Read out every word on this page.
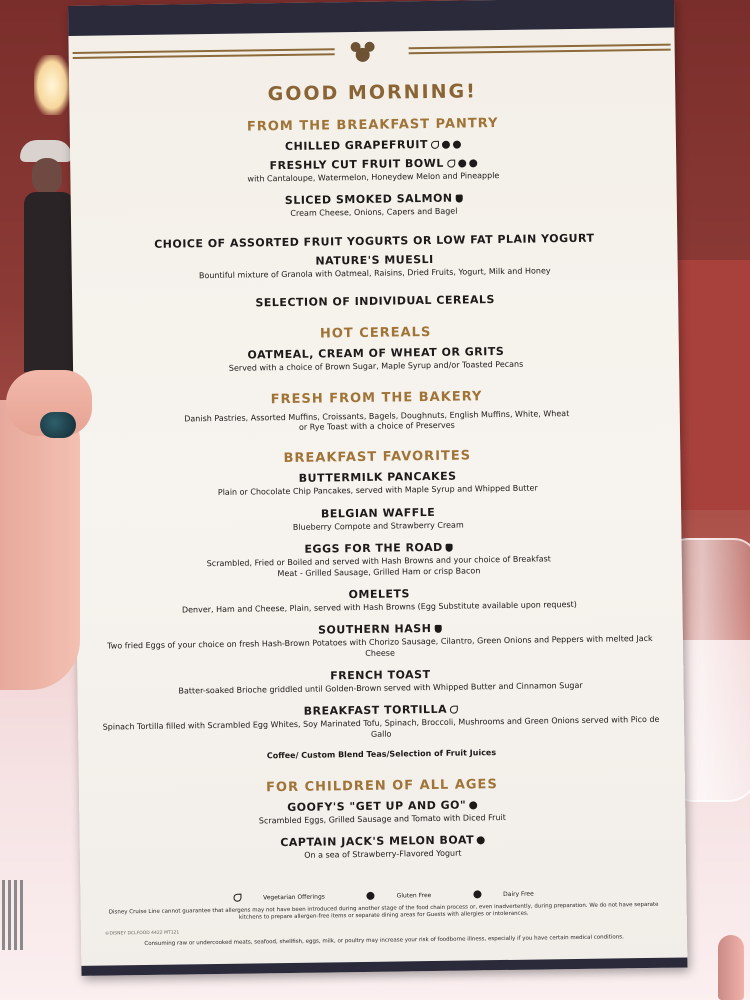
GOOD MORNING!
FROM THE BREAKFAST PANTRY

CHILLED GRAPEFRUIT

FRESHLY CUT FRUIT BOWL

with Cantaloupe, Watermelon, Honeydew Melon and Pineapple

SLICED SMOKED SALMON

Cream Cheese, Onions, Capers and Bagel

CHOICE OF ASSORTED FRUIT YOGURTS OR LOW FAT PLAIN YOGURT

NATURE'S MUESLI

Bountiful mixture of Granola with Oatmeal, Raisins, Dried Fruits, Yogurt, Milk and Honey

SELECTION OF INDIVIDUAL CEREALS

HOT CEREALS

OATMEAL, CREAM OF WHEAT OR GRITS

Served with a choice of Brown Sugar, Maple Syrup and/or Toasted Pecans

FRESH FROM THE BAKERY

Danish Pastries, Assorted Muffins, Croissants, Bagels, Doughnuts, English Muffins, White, Wheat or Rye Toast with a choice of Preserves

BREAKFAST FAVORITES

BUTTERMILK PANCAKES

Plain or Chocolate Chip Pancakes, served with Maple Syrup and Whipped Butter

BELGIAN WAFFLE

Blueberry Compote and Strawberry Cream

EGGS FOR THE ROAD

Scrambled, Fried or Boiled and served with Hash Browns and your choice of Breakfast Meat - Grilled Sausage, Grilled Ham or crisp Bacon

OMELETS

Denver, Ham and Cheese, Plain, served with Hash Browns (Egg Substitute available upon request)

SOUTHERN HASH

Two fried Eggs of your choice on fresh Hash-Brown Potatoes with Chorizo Sausage, Cilantro, Green Onions and Peppers with melted Jack Cheese

FRENCH TOAST

Batter-soaked Brioche griddled until Golden-Brown served with Whipped Butter and Cinnamon Sugar

BREAKFAST TORTILLA

Spinach Tortilla filled with Scrambled Egg Whites, Soy Marinated Tofu, Spinach, Broccoli, Mushrooms and Green Onions served with Pico de Gallo

Coffee/ Custom Blend Teas/Selection of Fruit Juices

FOR CHILDREN OF ALL AGES

GOOFY'S "GET UP AND GO"

Scrambled Eggs, Grilled Sausage and Tomato with Diced Fruit

CAPTAIN JACK'S MELON BOAT

On a sea of Strawberry-Flavored Yogurt

Vegetarian Offerings	Gluten Free	Dairy Free
Disney Cruise Line cannot guarantee that allergens may not have been introduced during another stage of the food chain process or, even inadvertently, during preparation. We do not have separate kitchens to prepare allergen-free items or separate dining areas for Guests with allergies or intolerances.
©DISNEY DCLFOOD 4422 MT121
Consuming raw or undercooked meats, seafood, shellfish, eggs, milk, or poultry may increase your risk of foodborne illness, especially if you have certain medical conditions.
